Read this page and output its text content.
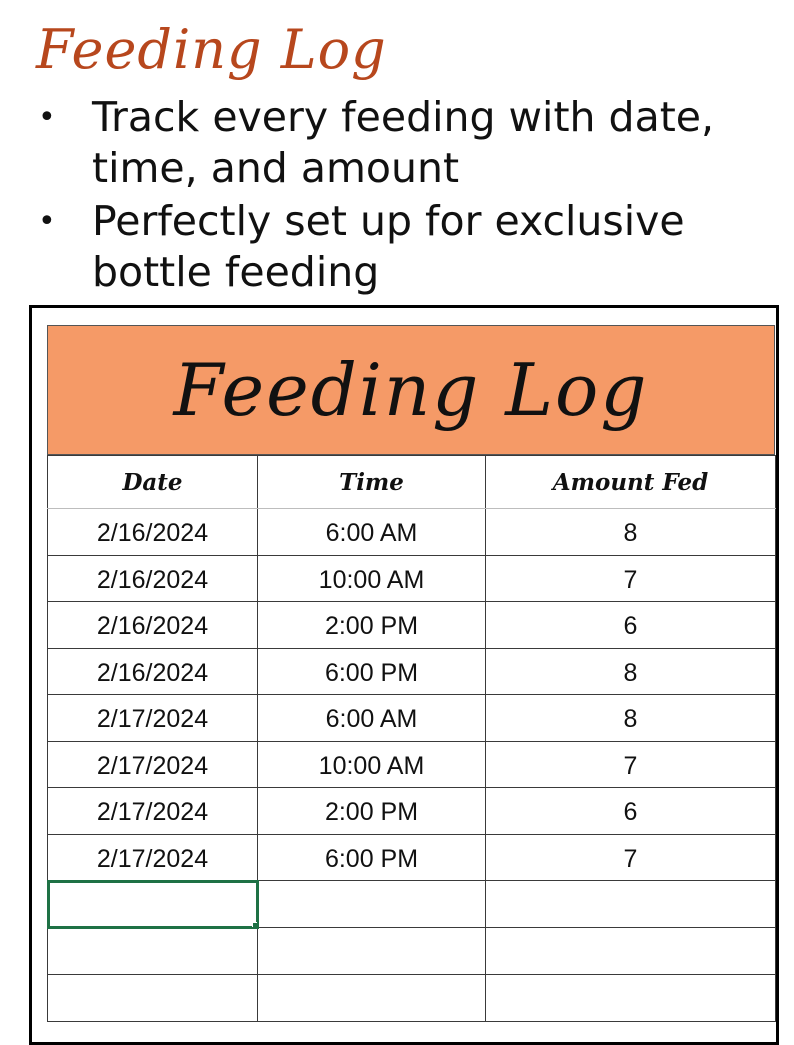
Feeding Log
• Track every feeding with date, time, and amount
• Perfectly set up for exclusive bottle feeding
Feeding Log
Date	Time	Amount Fed
2/16/2024	6:00 AM	8
2/16/2024	10:00 AM	7
2/16/2024	2:00 PM	6
2/16/2024	6:00 PM	8
2/17/2024	6:00 AM	8
2/17/2024	10:00 AM	7
2/17/2024	2:00 PM	6
2/17/2024	6:00 PM	7
